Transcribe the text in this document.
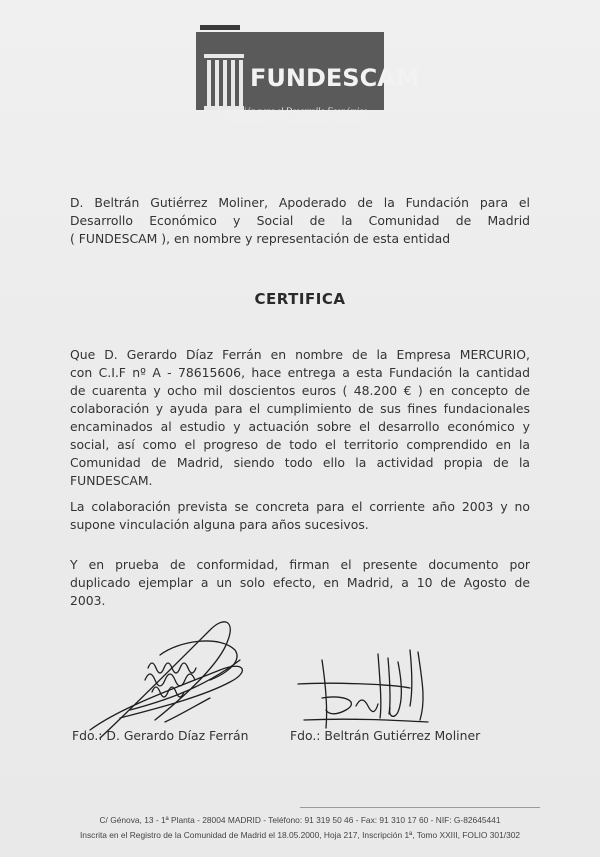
FUNDESCAM
Fundación para el Desarrollo Económico
y Social de la Comunidad de Madrid
D. Beltrán Gutiérrez Moliner, Apoderado de la Fundación para el
Desarrollo Económico y Social de la Comunidad de Madrid
( FUNDESCAM ), en nombre y representación de esta entidad
CERTIFICA
Que D. Gerardo Díaz Ferrán en nombre de la Empresa MERCURIO,
con C.I.F nº A - 78615606, hace entrega a esta Fundación la cantidad
de cuarenta y ocho mil doscientos euros ( 48.200 € ) en concepto de
colaboración y ayuda para el cumplimiento de sus fines fundacionales
encaminados al estudio y actuación sobre el desarrollo económico y
social, así como el progreso de todo el territorio comprendido en la
Comunidad de Madrid, siendo todo ello la actividad propia de la
FUNDESCAM.
La colaboración prevista se concreta para el corriente año 2003 y no
supone vinculación alguna para años sucesivos.
Y en prueba de conformidad, firman el presente documento por
duplicado ejemplar a un solo efecto, en Madrid, a 10 de Agosto de
2003.
Fdo.: D. Gerardo Díaz Ferrán	Fdo.: Beltrán Gutiérrez Moliner
C/ Génova, 13 - 1ª Planta - 28004 MADRID - Teléfono: 91 319 50 46 - Fax: 91 310 17 60 - NIF: G-82645441
Inscrita en el Registro de la Comunidad de Madrid el 18.05.2000, Hoja 217, Inscripción 1ª, Tomo XXIII, FOLIO 301/302
